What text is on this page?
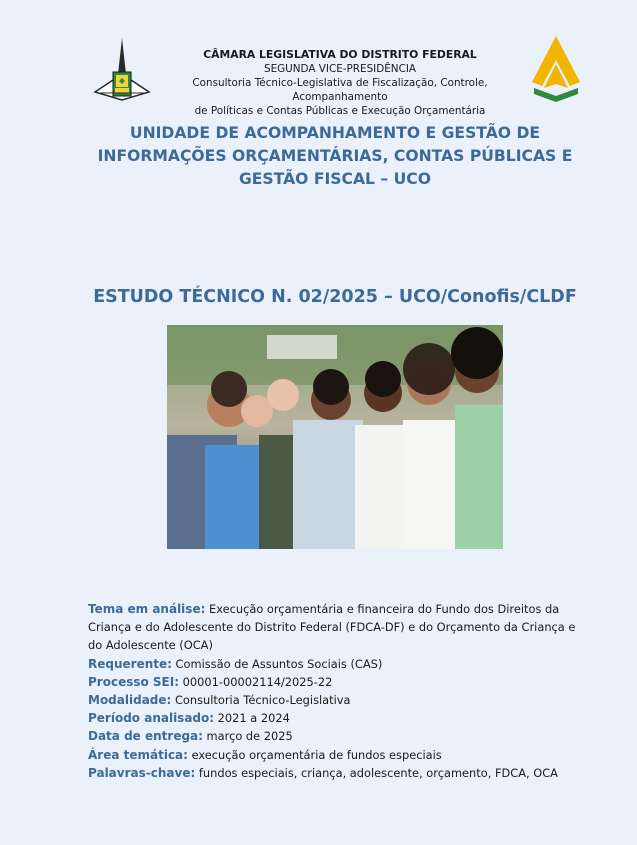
CÂMARA LEGISLATIVA DO DISTRITO FEDERAL
SEGUNDA VICE-PRESIDÊNCIA
Consultoria Técnico-Legislativa de Fiscalização, Controle, Acompanhamento
de Políticas e Contas Públicas e Execução Orçamentária
UNIDADE DE ACOMPANHAMENTO E GESTÃO DE
INFORMAÇÕES ORÇAMENTÁRIAS, CONTAS PÚBLICAS E
GESTÃO FISCAL – UCO
ESTUDO TÉCNICO N. 02/2025 – UCO/Conofis/CLDF

Tema em análise: Execução orçamentária e financeira do Fundo dos Direitos da Criança e do Adolescente do Distrito Federal (FDCA-DF) e do Orçamento da Criança e do Adolescente (OCA)

Requerente: Comissão de Assuntos Sociais (CAS)

Processo SEI: 00001-00002114/2025-22

Modalidade: Consultoria Técnico-Legislativa

Período analisado: 2021 a 2024

Data de entrega: março de 2025

Área temática: execução orçamentária de fundos especiais

Palavras-chave: fundos especiais, criança, adolescente, orçamento, FDCA, OCA
